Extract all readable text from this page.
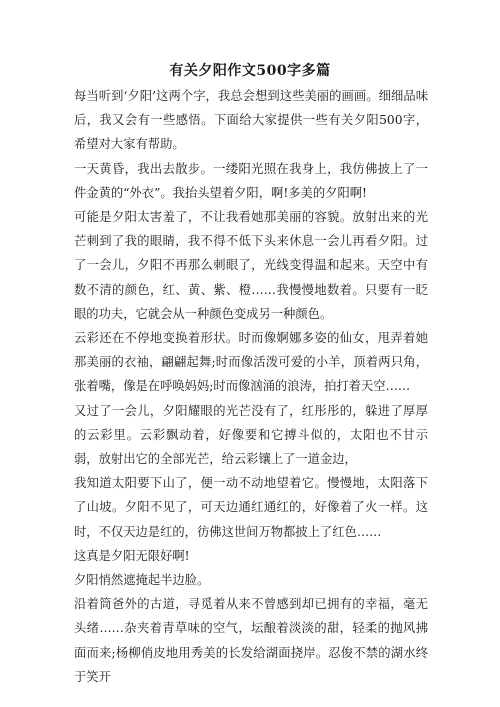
有关夕阳作文500字多篇

每当听到‘夕阳’这两个字，我总会想到这些美丽的画画。细细品味后，我又会有一些感悟。下面给大家提供一些有关夕阳500字，希望对大家有帮助。

一天黄昏，我出去散步。一缕阳光照在我身上，我仿佛披上了一件金黄的“外衣”。我抬头望着夕阳，啊!多美的夕阳啊!

可能是夕阳太害羞了，不让我看她那美丽的容貌。放射出来的光芒刺到了我的眼睛，我不得不低下头来休息一会儿再看夕阳。过了一会儿，夕阳不再那么刺眼了，光线变得温和起来。天空中有数不清的颜色，红、黄、紫、橙……我慢慢地数着。只要有一眨眼的功夫，它就会从一种颜色变成另一种颜色。

云彩还在不停地变换着形状。时而像婀娜多姿的仙女，甩弄着她那美丽的衣袖，翩翩起舞;时而像活泼可爱的小羊，顶着两只角，张着嘴，像是在呼唤妈妈;时而像汹涌的浪涛，拍打着天空……

又过了一会儿，夕阳耀眼的光芒没有了，红彤彤的，躲进了厚厚的云彩里。云彩飘动着，好像要和它搏斗似的，太阳也不甘示弱，放射出它的全部光芒，给云彩镶上了一道金边，

我知道太阳要下山了，便一动不动地望着它。慢慢地，太阳落下了山坡。夕阳不见了，可天边通红通红的，好像着了火一样。这时，不仅天边是红的，彷佛这世间万物都披上了红色……

这真是夕阳无限好啊!

夕阳悄然遮掩起半边脸。

沿着筒爸外的古道，寻觅着从来不曾感到却已拥有的幸福，毫无头绪……杂夹着青草味的空气，坛酿着淡淡的甜，轻柔的抛风拂面而来;杨柳俏皮地用秀美的长发给湖面挠岸。忍俊不禁的湖水终于笑开
